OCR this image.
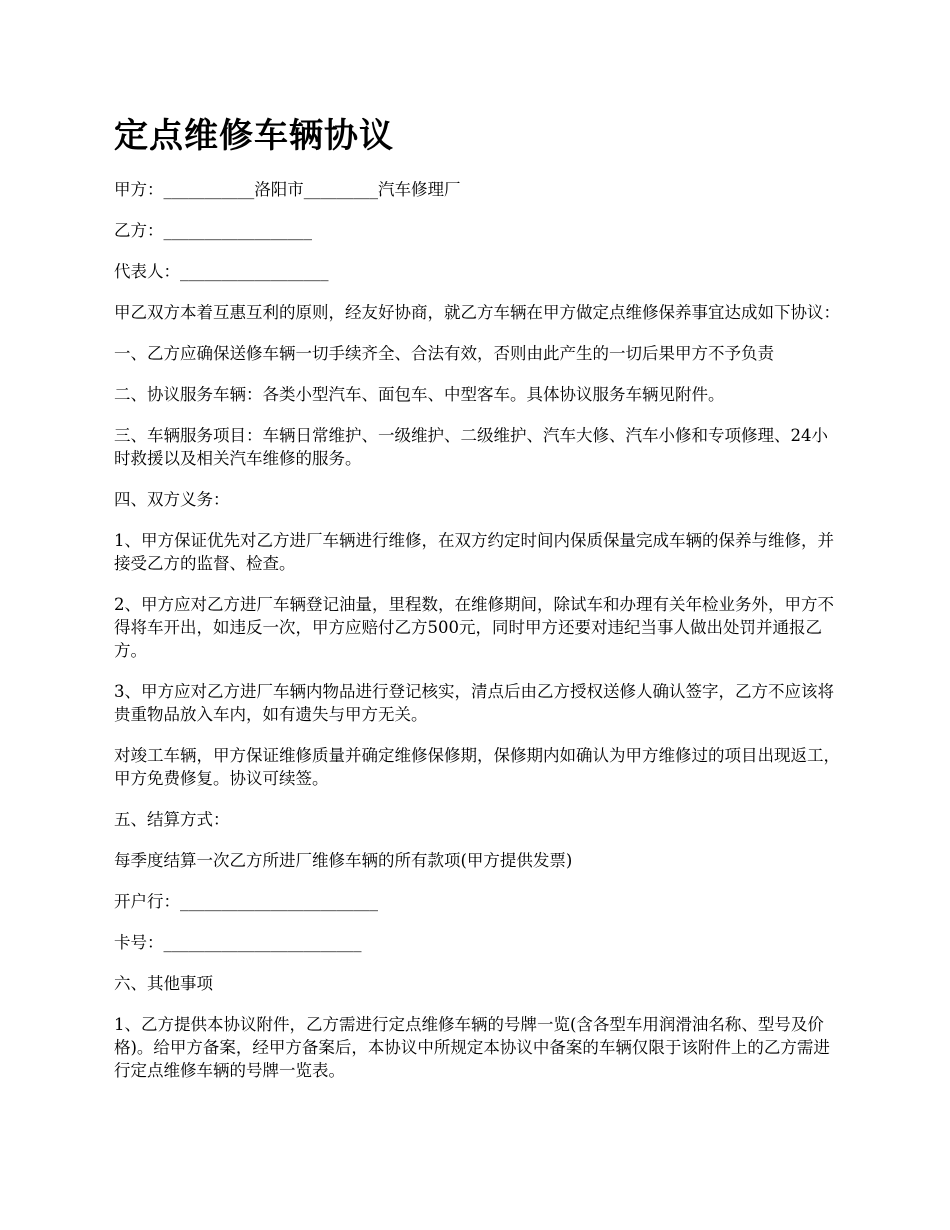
定点维修车辆协议

甲方：___________洛阳市_________汽车修理厂

乙方：__________________

代表人：__________________

甲乙双方本着互惠互利的原则，经友好协商，就乙方车辆在甲方做定点维修保养事宜达成如下协议：

一、乙方应确保送修车辆一切手续齐全、合法有效，否则由此产生的一切后果甲方不予负责

二、协议服务车辆：各类小型汽车、面包车、中型客车。具体协议服务车辆见附件。

三、车辆服务项目：车辆日常维护、一级维护、二级维护、汽车大修、汽车小修和专项修理、24小时救援以及相关汽车维修的服务。

四、双方义务：

1、甲方保证优先对乙方进厂车辆进行维修，在双方约定时间内保质保量完成车辆的保养与维修，并接受乙方的监督、检查。

2、甲方应对乙方进厂车辆登记油量，里程数，在维修期间，除试车和办理有关年检业务外，甲方不得将车开出，如违反一次，甲方应赔付乙方500元，同时甲方还要对违纪当事人做出处罚并通报乙方。

3、甲方应对乙方进厂车辆内物品进行登记核实，清点后由乙方授权送修人确认签字，乙方不应该将贵重物品放入车内，如有遗失与甲方无关。

对竣工车辆，甲方保证维修质量并确定维修保修期，保修期内如确认为甲方维修过的项目出现返工，甲方免费修复。协议可续签。

五、结算方式：

每季度结算一次乙方所进厂维修车辆的所有款项(甲方提供发票)

开户行：________________________

卡号：________________________

六、其他事项

1、乙方提供本协议附件，乙方需进行定点维修车辆的号牌一览(含各型车用润滑油名称、型号及价格)。给甲方备案，经甲方备案后，本协议中所规定本协议中备案的车辆仅限于该附件上的乙方需进行定点维修车辆的号牌一览表。
